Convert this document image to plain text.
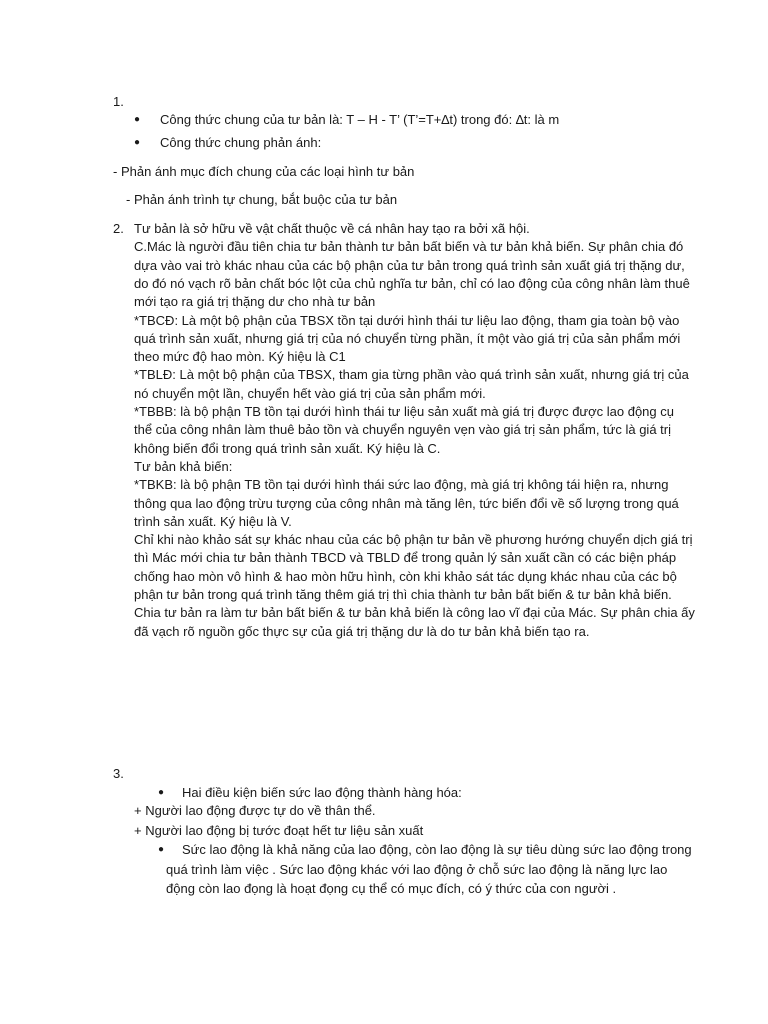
1.
● Công thức chung của tư bản là: T – H - T’ (T’=T+∆t) trong đó: ∆t: là m
● Công thức chung phản ánh:
- Phản ánh mục đích chung của các loại hình tư bản
- Phản ánh trình tự chung, bắt buộc của tư bản
2. Tư bản là sở hữu về vật chất thuộc về cá nhân hay tạo ra bởi xã hội.
C.Mác là người đầu tiên chia tư bản thành tư bản bất biến và tư bản khả biến. Sự phân chia đó
dựa vào vai trò khác nhau của các bộ phận của tư bản trong quá trình sản xuất giá trị thặng dư,
do đó nó vạch rõ bản chất bóc lột của chủ nghĩa tư bản, chỉ có lao động của công nhân làm thuê
mới tạo ra giá trị thặng dư cho nhà tư bản
*TBCĐ: Là một bộ phận của TBSX tồn tại dưới hình thái tư liệu lao động, tham gia toàn bộ vào
quá trình sản xuất, nhưng giá trị của nó chuyển từng phần, ít một vào giá trị của sản phẩm mới
theo mức độ hao mòn. Ký hiệu là C1
*TBLĐ: Là một bộ phận của TBSX, tham gia từng phần vào quá trình sản xuất, nhưng giá trị của
nó chuyển một lần, chuyển hết vào giá trị của sản phẩm mới.
*TBBB: là bộ phận TB tồn tại dưới hình thái tư liệu sản xuất mà giá trị được được lao động cụ
thể của công nhân làm thuê bảo tồn và chuyển nguyên vẹn vào giá trị sản phẩm, tức là giá trị
không biến đổi trong quá trình sản xuất. Ký hiệu là C.
Tư bản khả biến:
*TBKB: là bộ phận TB tồn tại dưới hình thái sức lao động, mà giá trị không tái hiện ra, nhưng
thông qua lao động trừu tượng của công nhân mà tăng lên, tức biến đổi về số lượng trong quá
trình sản xuất. Ký hiệu là V.
Chỉ khi nào khảo sát sự khác nhau của các bộ phận tư bản về phương hướng chuyển dịch giá trị
thì Mác mới chia tư bản thành TBCD và TBLD để trong quản lý sản xuất cần có các biện pháp
chống hao mòn vô hình & hao mòn hữu hình, còn khi khảo sát tác dụng khác nhau của các bộ
phận tư bản trong quá trình tăng thêm giá trị thì chia thành tư bản bất biến & tư bản khả biến.
Chia tư bản ra làm tư bản bất biến & tư bản khả biến là công lao vĩ đại của Mác. Sự phân chia ấy
đã vạch rõ nguồn gốc thực sự của giá trị thặng dư là do tư bản khả biến tạo ra.
3.
● Hai điều kiện biến sức lao động thành hàng hóa:
+ Người lao động được tự do về thân thể.
+ Người lao động bị tước đoạt hết tư liệu sản xuất
● Sức lao động là khả năng của lao động, còn lao động là sự tiêu dùng sức lao động trong
quá trình làm việc . Sức lao động khác với lao động ở chỗ sức lao động là năng lực lao
động còn lao đọng là hoạt đọng cụ thể có mục đích, có ý thức của con người .
